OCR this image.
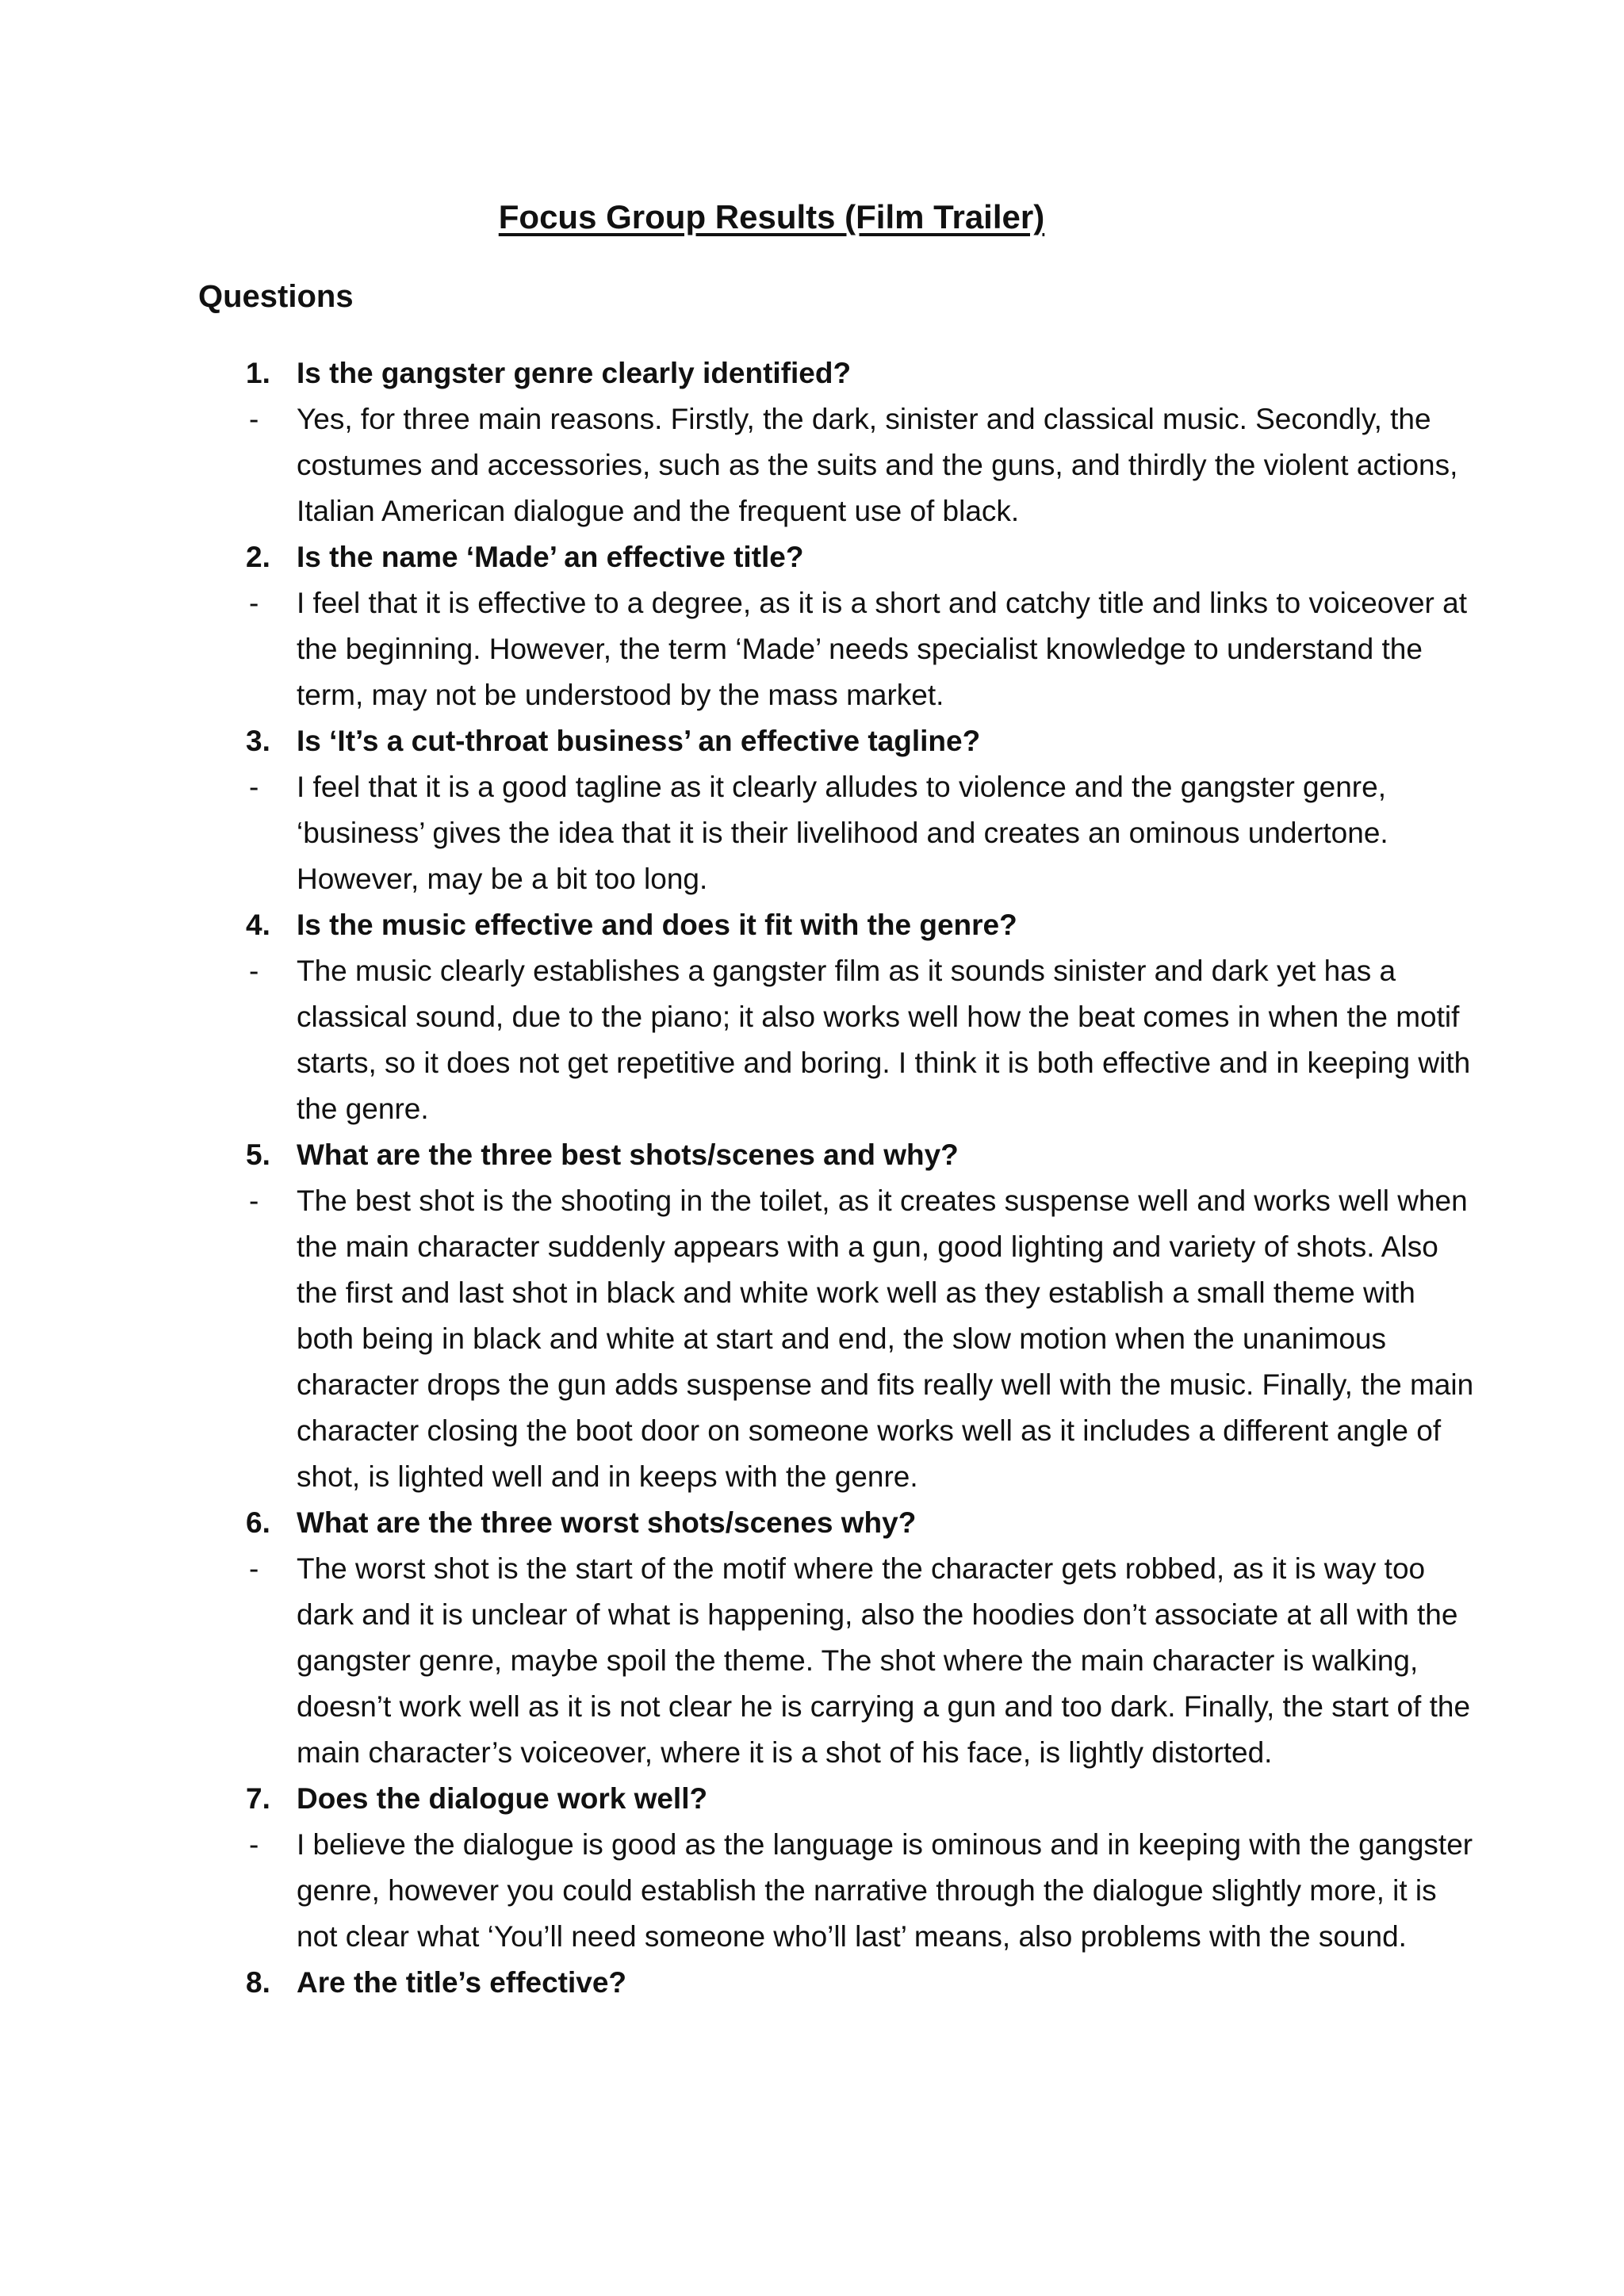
Focus Group Results (Film Trailer)
Questions
1. Is the gangster genre clearly identified?
- Yes, for three main reasons. Firstly, the dark, sinister and classical music. Secondly, the costumes and accessories, such as the suits and the guns, and thirdly the violent actions, Italian American dialogue and the frequent use of black.
2. Is the name ‘Made’ an effective title?
- I feel that it is effective to a degree, as it is a short and catchy title and links to voiceover at the beginning. However, the term ‘Made’ needs specialist knowledge to understand the term, may not be understood by the mass market.
3. Is ‘It’s a cut-throat business’ an effective tagline?
- I feel that it is a good tagline as it clearly alludes to violence and the gangster genre, ‘business’ gives the idea that it is their livelihood and creates an ominous undertone. However, may be a bit too long.
4. Is the music effective and does it fit with the genre?
- The music clearly establishes a gangster film as it sounds sinister and dark yet has a classical sound, due to the piano; it also works well how the beat comes in when the motif starts, so it does not get repetitive and boring. I think it is both effective and in keeping with the genre.
5. What are the three best shots/scenes and why?
- The best shot is the shooting in the toilet, as it creates suspense well and works well when the main character suddenly appears with a gun, good lighting and variety of shots. Also the first and last shot in black and white work well as they establish a small theme with both being in black and white at start and end, the slow motion when the unanimous character drops the gun adds suspense and fits really well with the music. Finally, the main character closing the boot door on someone works well as it includes a different angle of shot, is lighted well and in keeps with the genre.
6. What are the three worst shots/scenes why?
- The worst shot is the start of the motif where the character gets robbed, as it is way too dark and it is unclear of what is happening, also the hoodies don’t associate at all with the gangster genre, maybe spoil the theme. The shot where the main character is walking, doesn’t work well as it is not clear he is carrying a gun and too dark. Finally, the start of the main character’s voiceover, where it is a shot of his face, is lightly distorted.
7. Does the dialogue work well?
- I believe the dialogue is good as the language is ominous and in keeping with the gangster genre, however you could establish the narrative through the dialogue slightly more, it is not clear what ‘You’ll need someone who’ll last’ means, also problems with the sound.
8. Are the title’s effective?
